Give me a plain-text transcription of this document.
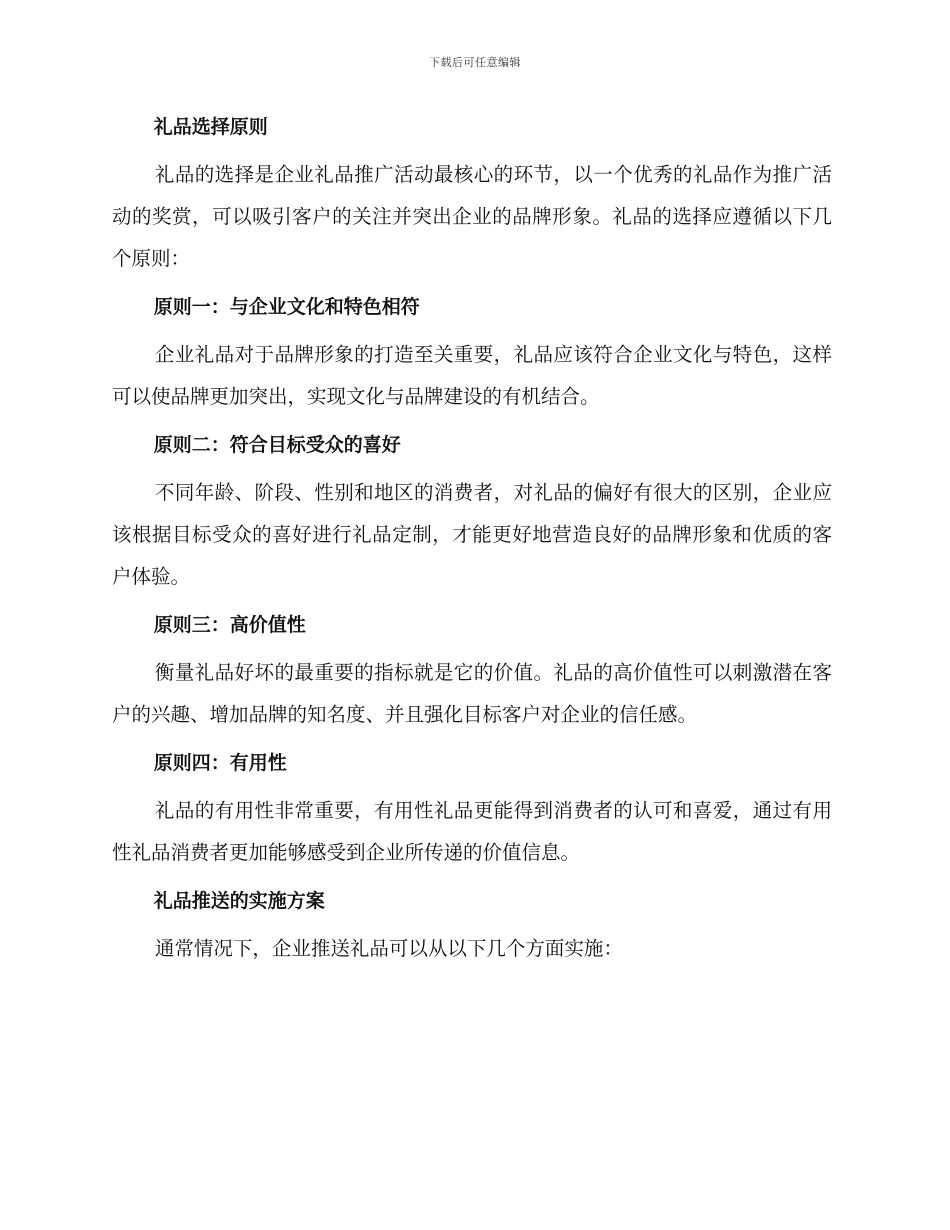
下载后可任意编辑
礼品选择原则

礼品的选择是企业礼品推广活动最核心的环节，以一个优秀的礼品作为推广活动的奖赏，可以吸引客户的关注并突出企业的品牌形象。礼品的选择应遵循以下几个原则：

原则一：与企业文化和特色相符

企业礼品对于品牌形象的打造至关重要，礼品应该符合企业文化与特色，这样可以使品牌更加突出，实现文化与品牌建设的有机结合。

原则二：符合目标受众的喜好

不同年龄、阶段、性别和地区的消费者，对礼品的偏好有很大的区别，企业应该根据目标受众的喜好进行礼品定制，才能更好地营造良好的品牌形象和优质的客户体验。

原则三：高价值性

衡量礼品好坏的最重要的指标就是它的价值。礼品的高价值性可以刺激潜在客户的兴趣、增加品牌的知名度、并且强化目标客户对企业的信任感。

原则四：有用性

礼品的有用性非常重要，有用性礼品更能得到消费者的认可和喜爱，通过有用性礼品消费者更加能够感受到企业所传递的价值信息。

礼品推送的实施方案

通常情况下，企业推送礼品可以从以下几个方面实施：
